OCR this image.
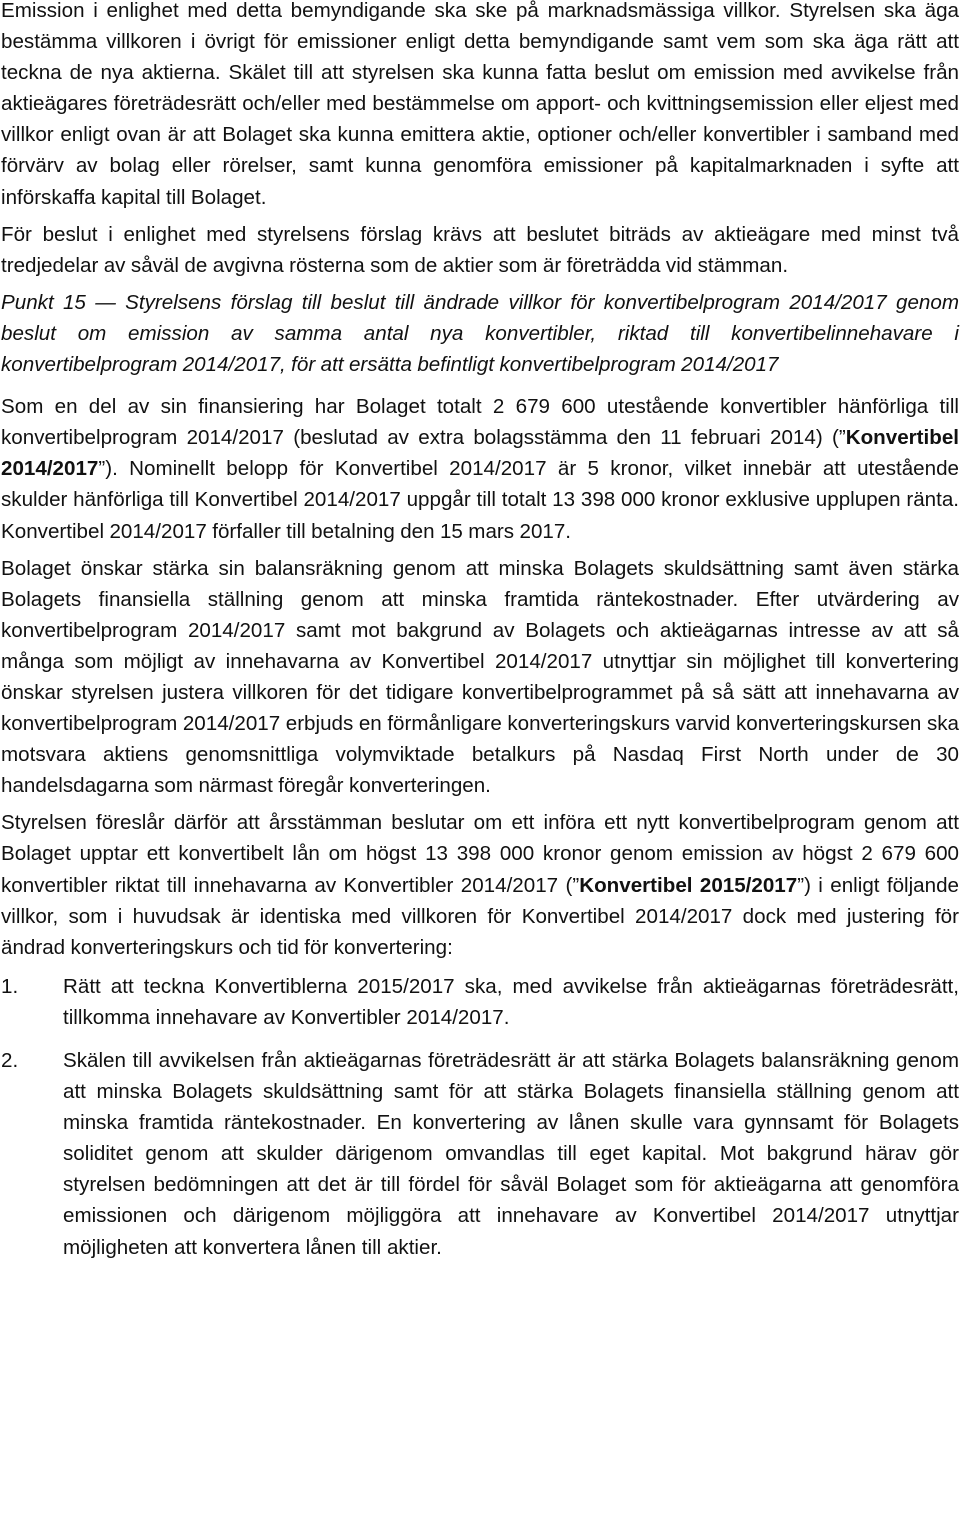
Emission i enlighet med detta bemyndigande ska ske på marknadsmässiga villkor. Styrelsen ska äga bestämma villkoren i övrigt för emissioner enligt detta bemyndigande samt vem som ska äga rätt att teckna de nya aktierna. Skälet till att styrelsen ska kunna fatta beslut om emission med avvikelse från aktieägares företrädesrätt och/eller med bestämmelse om apport- och kvittningsemission eller eljest med villkor enligt ovan är att Bolaget ska kunna emittera aktie, optioner och/eller konvertibler i samband med förvärv av bolag eller rörelser, samt kunna genomföra emissioner på kapitalmarknaden i syfte att införskaffa kapital till Bolaget.

För beslut i enlighet med styrelsens förslag krävs att beslutet biträds av aktieägare med minst två tredjedelar av såväl de avgivna rösterna som de aktier som är företrädda vid stämman.

Punkt 15 — Styrelsens förslag till beslut till ändrade villkor för konvertibelprogram 2014/2017 genom beslut om emission av samma antal nya konvertibler, riktad till konvertibelinnehavare i konvertibelprogram 2014/2017, för att ersätta befintligt konvertibelprogram 2014/2017

Som en del av sin finansiering har Bolaget totalt 2 679 600 utestående konvertibler hänförliga till konvertibelprogram 2014/2017 (beslutad av extra bolagsstämma den 11 februari 2014) (”Konvertibel 2014/2017”). Nominellt belopp för Konvertibel 2014/2017 är 5 kronor, vilket innebär att utestående skulder hänförliga till Konvertibel 2014/2017 uppgår till totalt 13 398 000 kronor exklusive upplupen ränta. Konvertibel 2014/2017 förfaller till betalning den 15 mars 2017.

Bolaget önskar stärka sin balansräkning genom att minska Bolagets skuldsättning samt även stärka Bolagets finansiella ställning genom att minska framtida räntekostnader. Efter utvärdering av konvertibelprogram 2014/2017 samt mot bakgrund av Bolagets och aktieägarnas intresse av att så många som möjligt av innehavarna av Konvertibel 2014/2017 utnyttjar sin möjlighet till konvertering önskar styrelsen justera villkoren för det tidigare konvertibelprogrammet på så sätt att innehavarna av konvertibelprogram 2014/2017 erbjuds en förmånligare konverteringskurs varvid konverteringskursen ska motsvara aktiens genomsnittliga volymviktade betalkurs på Nasdaq First North under de 30 handelsdagarna som närmast föregår konverteringen.

Styrelsen föreslår därför att årsstämman beslutar om ett införa ett nytt konvertibelprogram genom att Bolaget upptar ett konvertibelt lån om högst 13 398 000 kronor genom emission av högst 2 679 600 konvertibler riktat till innehavarna av Konvertibler 2014/2017 (”Konvertibel 2015/2017”) i enligt följande villkor, som i huvudsak är identiska med villkoren för Konvertibel 2014/2017 dock med justering för ändrad konverteringskurs och tid för konvertering:

1.	Rätt att teckna Konvertiblerna 2015/2017 ska, med avvikelse från aktieägarnas företrädesrätt, tillkomma innehavare av Konvertibler 2014/2017.
2.	Skälen till avvikelsen från aktieägarnas företrädesrätt är att stärka Bolagets balansräkning genom att minska Bolagets skuldsättning samt för att stärka Bolagets finansiella ställning genom att minska framtida räntekostnader. En konvertering av lånen skulle vara gynnsamt för Bolagets soliditet genom att skulder därigenom omvandlas till eget kapital. Mot bakgrund härav gör styrelsen bedömningen att det är till fördel för såväl Bolaget som för aktieägarna att genomföra emissionen och därigenom möjliggöra att innehavare av Konvertibel 2014/2017 utnyttjar möjligheten att konvertera lånen till aktier.
